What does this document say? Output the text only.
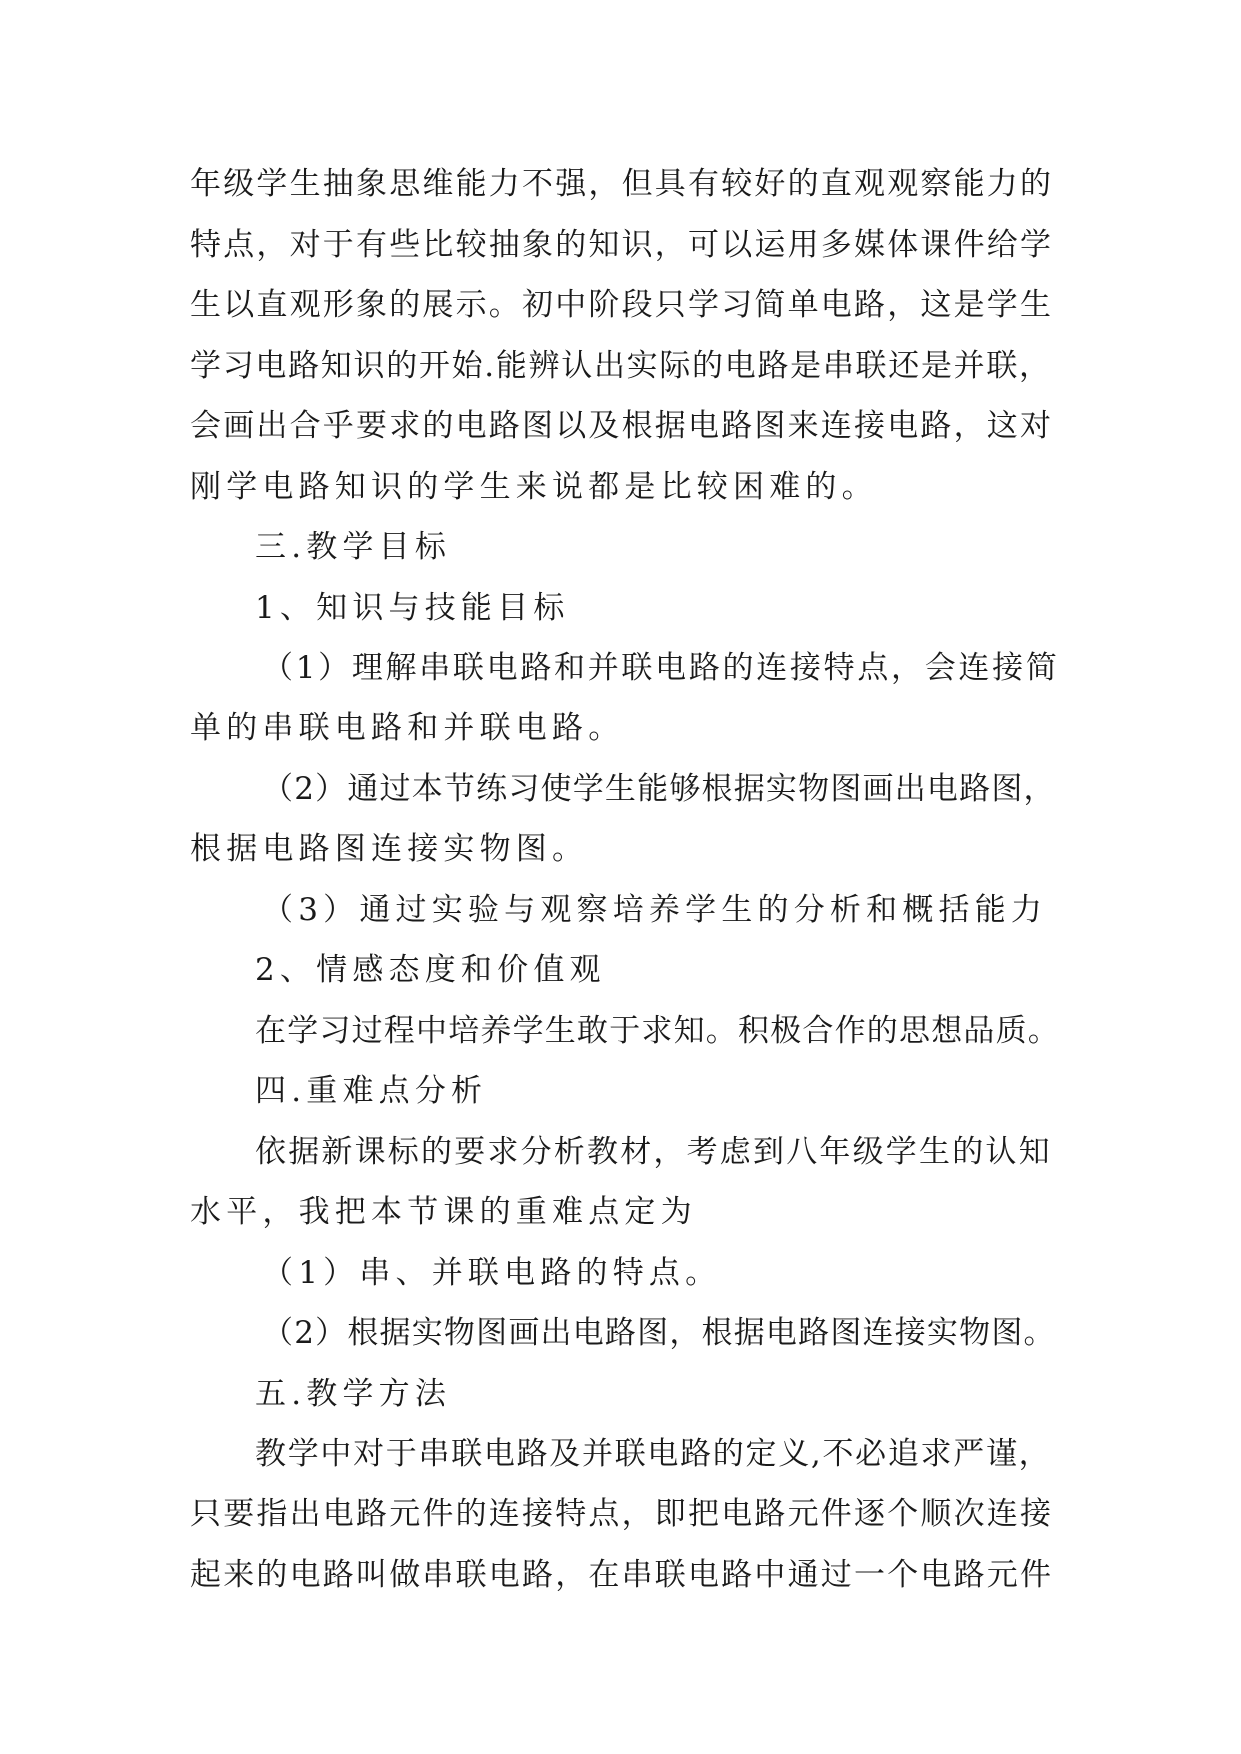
年级学生抽象思维能力不强，但具有较好的直观观察能力的
特点，对于有些比较抽象的知识，可以运用多媒体课件给学
生以直观形象的展示。初中阶段只学习简单电路，这是学生
学习电路知识的开始.能辨认出实际的电路是串联还是并联，
会画出合乎要求的电路图以及根据电路图来连接电路，这对
刚学电路知识的学生来说都是比较困难的。
三.教学目标
1、知识与技能目标
（1）理解串联电路和并联电路的连接特点，会连接简
单的串联电路和并联电路。
（2）通过本节练习使学生能够根据实物图画出电路图，
根据电路图连接实物图。
（3）通过实验与观察培养学生的分析和概括能力
2、情感态度和价值观
在学习过程中培养学生敢于求知。积极合作的思想品质。
四.重难点分析
依据新课标的要求分析教材，考虑到八年级学生的认知
水平，我把本节课的重难点定为
（1）串、并联电路的特点。
（2）根据实物图画出电路图，根据电路图连接实物图。
五.教学方法
教学中对于串联电路及并联电路的定义,不必追求严谨，
只要指出电路元件的连接特点，即把电路元件逐个顺次连接
起来的电路叫做串联电路，在串联电路中通过一个电路元件
